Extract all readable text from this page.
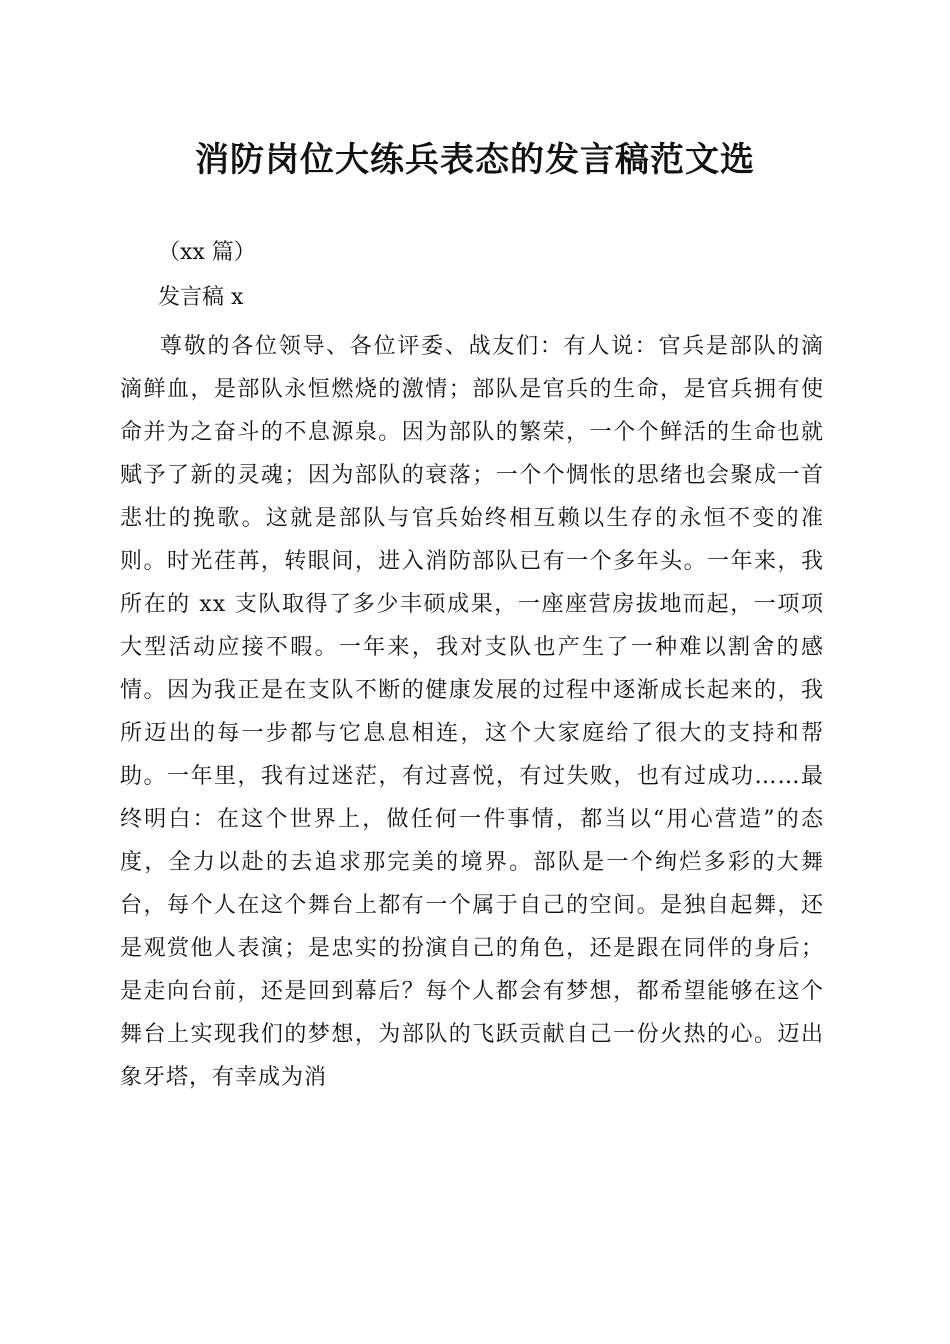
消防岗位大练兵表态的发言稿范文选

（xx 篇）

发言稿 x

尊敬的各位领导、各位评委、战友们：有人说：官兵是部队的滴滴鲜血，是部队永恒燃烧的激情；部队是官兵的生命，是官兵拥有使命并为之奋斗的不息源泉。因为部队的繁荣，一个个鲜活的生命也就赋予了新的灵魂；因为部队的衰落；一个个惆怅的思绪也会聚成一首悲壮的挽歌。这就是部队与官兵始终相互赖以生存的永恒不变的准则。时光荏苒，转眼间，进入消防部队已有一个多年头。一年来，我所在的 xx 支队取得了多少丰硕成果，一座座营房拔地而起，一项项大型活动应接不暇。一年来，我对支队也产生了一种难以割舍的感情。因为我正是在支队不断的健康发展的过程中逐渐成长起来的，我所迈出的每一步都与它息息相连，这个大家庭给了很大的支持和帮助。一年里，我有过迷茫，有过喜悦，有过失败，也有过成功……最终明白：在这个世界上，做任何一件事情，都当以“用心营造”的态度，全力以赴的去追求那完美的境界。部队是一个绚烂多彩的大舞台，每个人在这个舞台上都有一个属于自己的空间。是独自起舞，还是观赏他人表演；是忠实的扮演自己的角色，还是跟在同伴的身后；是走向台前，还是回到幕后？每个人都会有梦想，都希望能够在这个舞台上实现我们的梦想，为部队的飞跃贡献自己一份火热的心。迈出象牙塔，有幸成为消
